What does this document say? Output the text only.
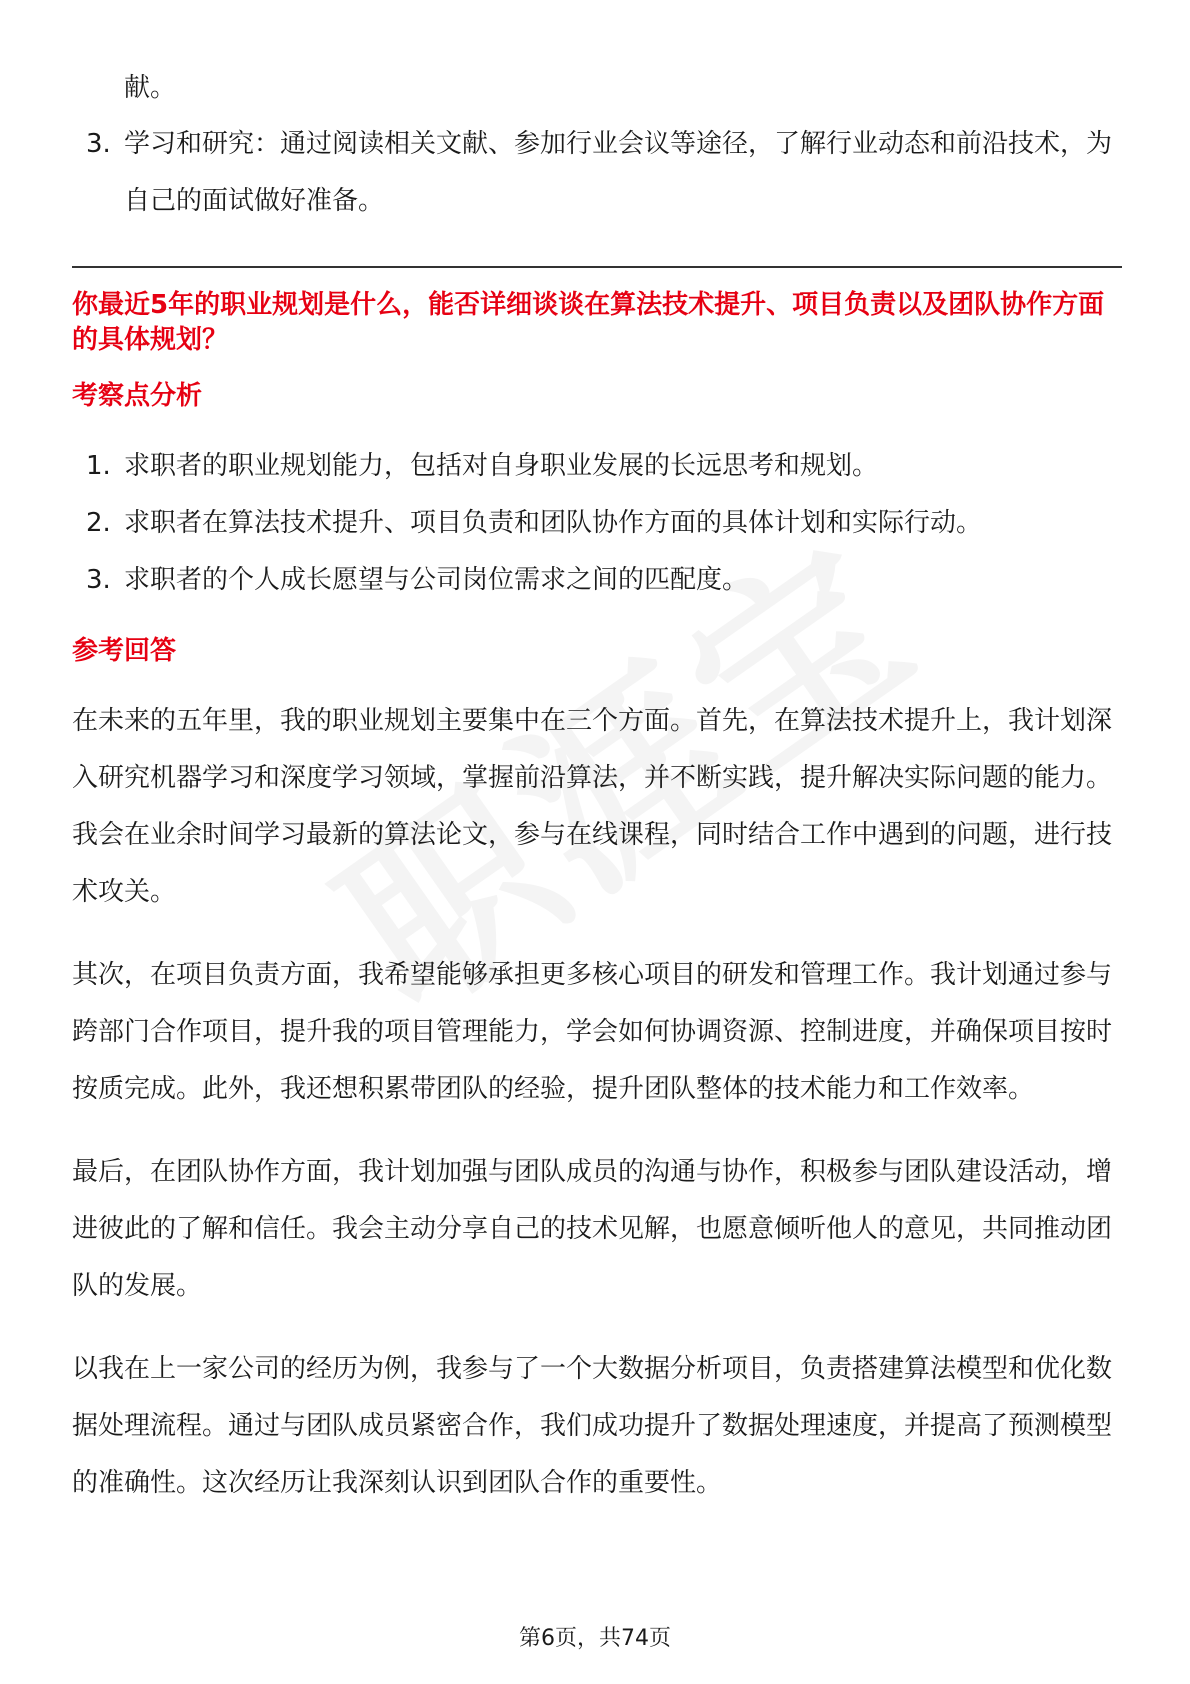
献。
3. 学习和研究：通过阅读相关文献、参加行业会议等途径，了解行业动态和前沿技术，为自己的面试做好准备。

你最近5年的职业规划是什么，能否详细谈谈在算法技术提升、项目负责以及团队协作方面的具体规划？

考察点分析

1. 求职者的职业规划能力，包括对自身职业发展的长远思考和规划。
2. 求职者在算法技术提升、项目负责和团队协作方面的具体计划和实际行动。
3. 求职者的个人成长愿望与公司岗位需求之间的匹配度。

参考回答

在未来的五年里，我的职业规划主要集中在三个方面。首先，在算法技术提升上，我计划深入研究机器学习和深度学习领域，掌握前沿算法，并不断实践，提升解决实际问题的能力。我会在业余时间学习最新的算法论文，参与在线课程，同时结合工作中遇到的问题，进行技术攻关。

其次，在项目负责方面，我希望能够承担更多核心项目的研发和管理工作。我计划通过参与跨部门合作项目，提升我的项目管理能力，学会如何协调资源、控制进度，并确保项目按时按质完成。此外，我还想积累带团队的经验，提升团队整体的技术能力和工作效率。

最后，在团队协作方面，我计划加强与团队成员的沟通与协作，积极参与团队建设活动，增进彼此的了解和信任。我会主动分享自己的技术见解，也愿意倾听他人的意见，共同推动团队的发展。

以我在上一家公司的经历为例，我参与了一个大数据分析项目，负责搭建算法模型和优化数据处理流程。通过与团队成员紧密合作，我们成功提升了数据处理速度，并提高了预测模型的准确性。这次经历让我深刻认识到团队合作的重要性。

第6页，共74页
